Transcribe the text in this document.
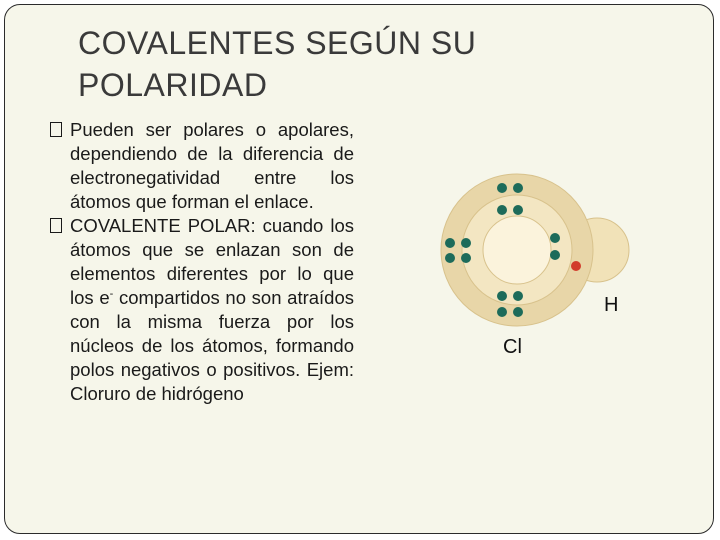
COVALENTES SEGÚN SU
POLARIDAD
Pueden ser polares o apolares, dependiendo de la diferencia de electronegatividad entre los átomos que forman el enlace.
COVALENTE POLAR: cuando los átomos que se enlazan son de elementos diferentes por lo que los e- compartidos no son atraídos con la misma fuerza por los núcleos de los átomos, formando polos negativos o positivos. Ejem: Cloruro de hidrógeno
H
Cl
